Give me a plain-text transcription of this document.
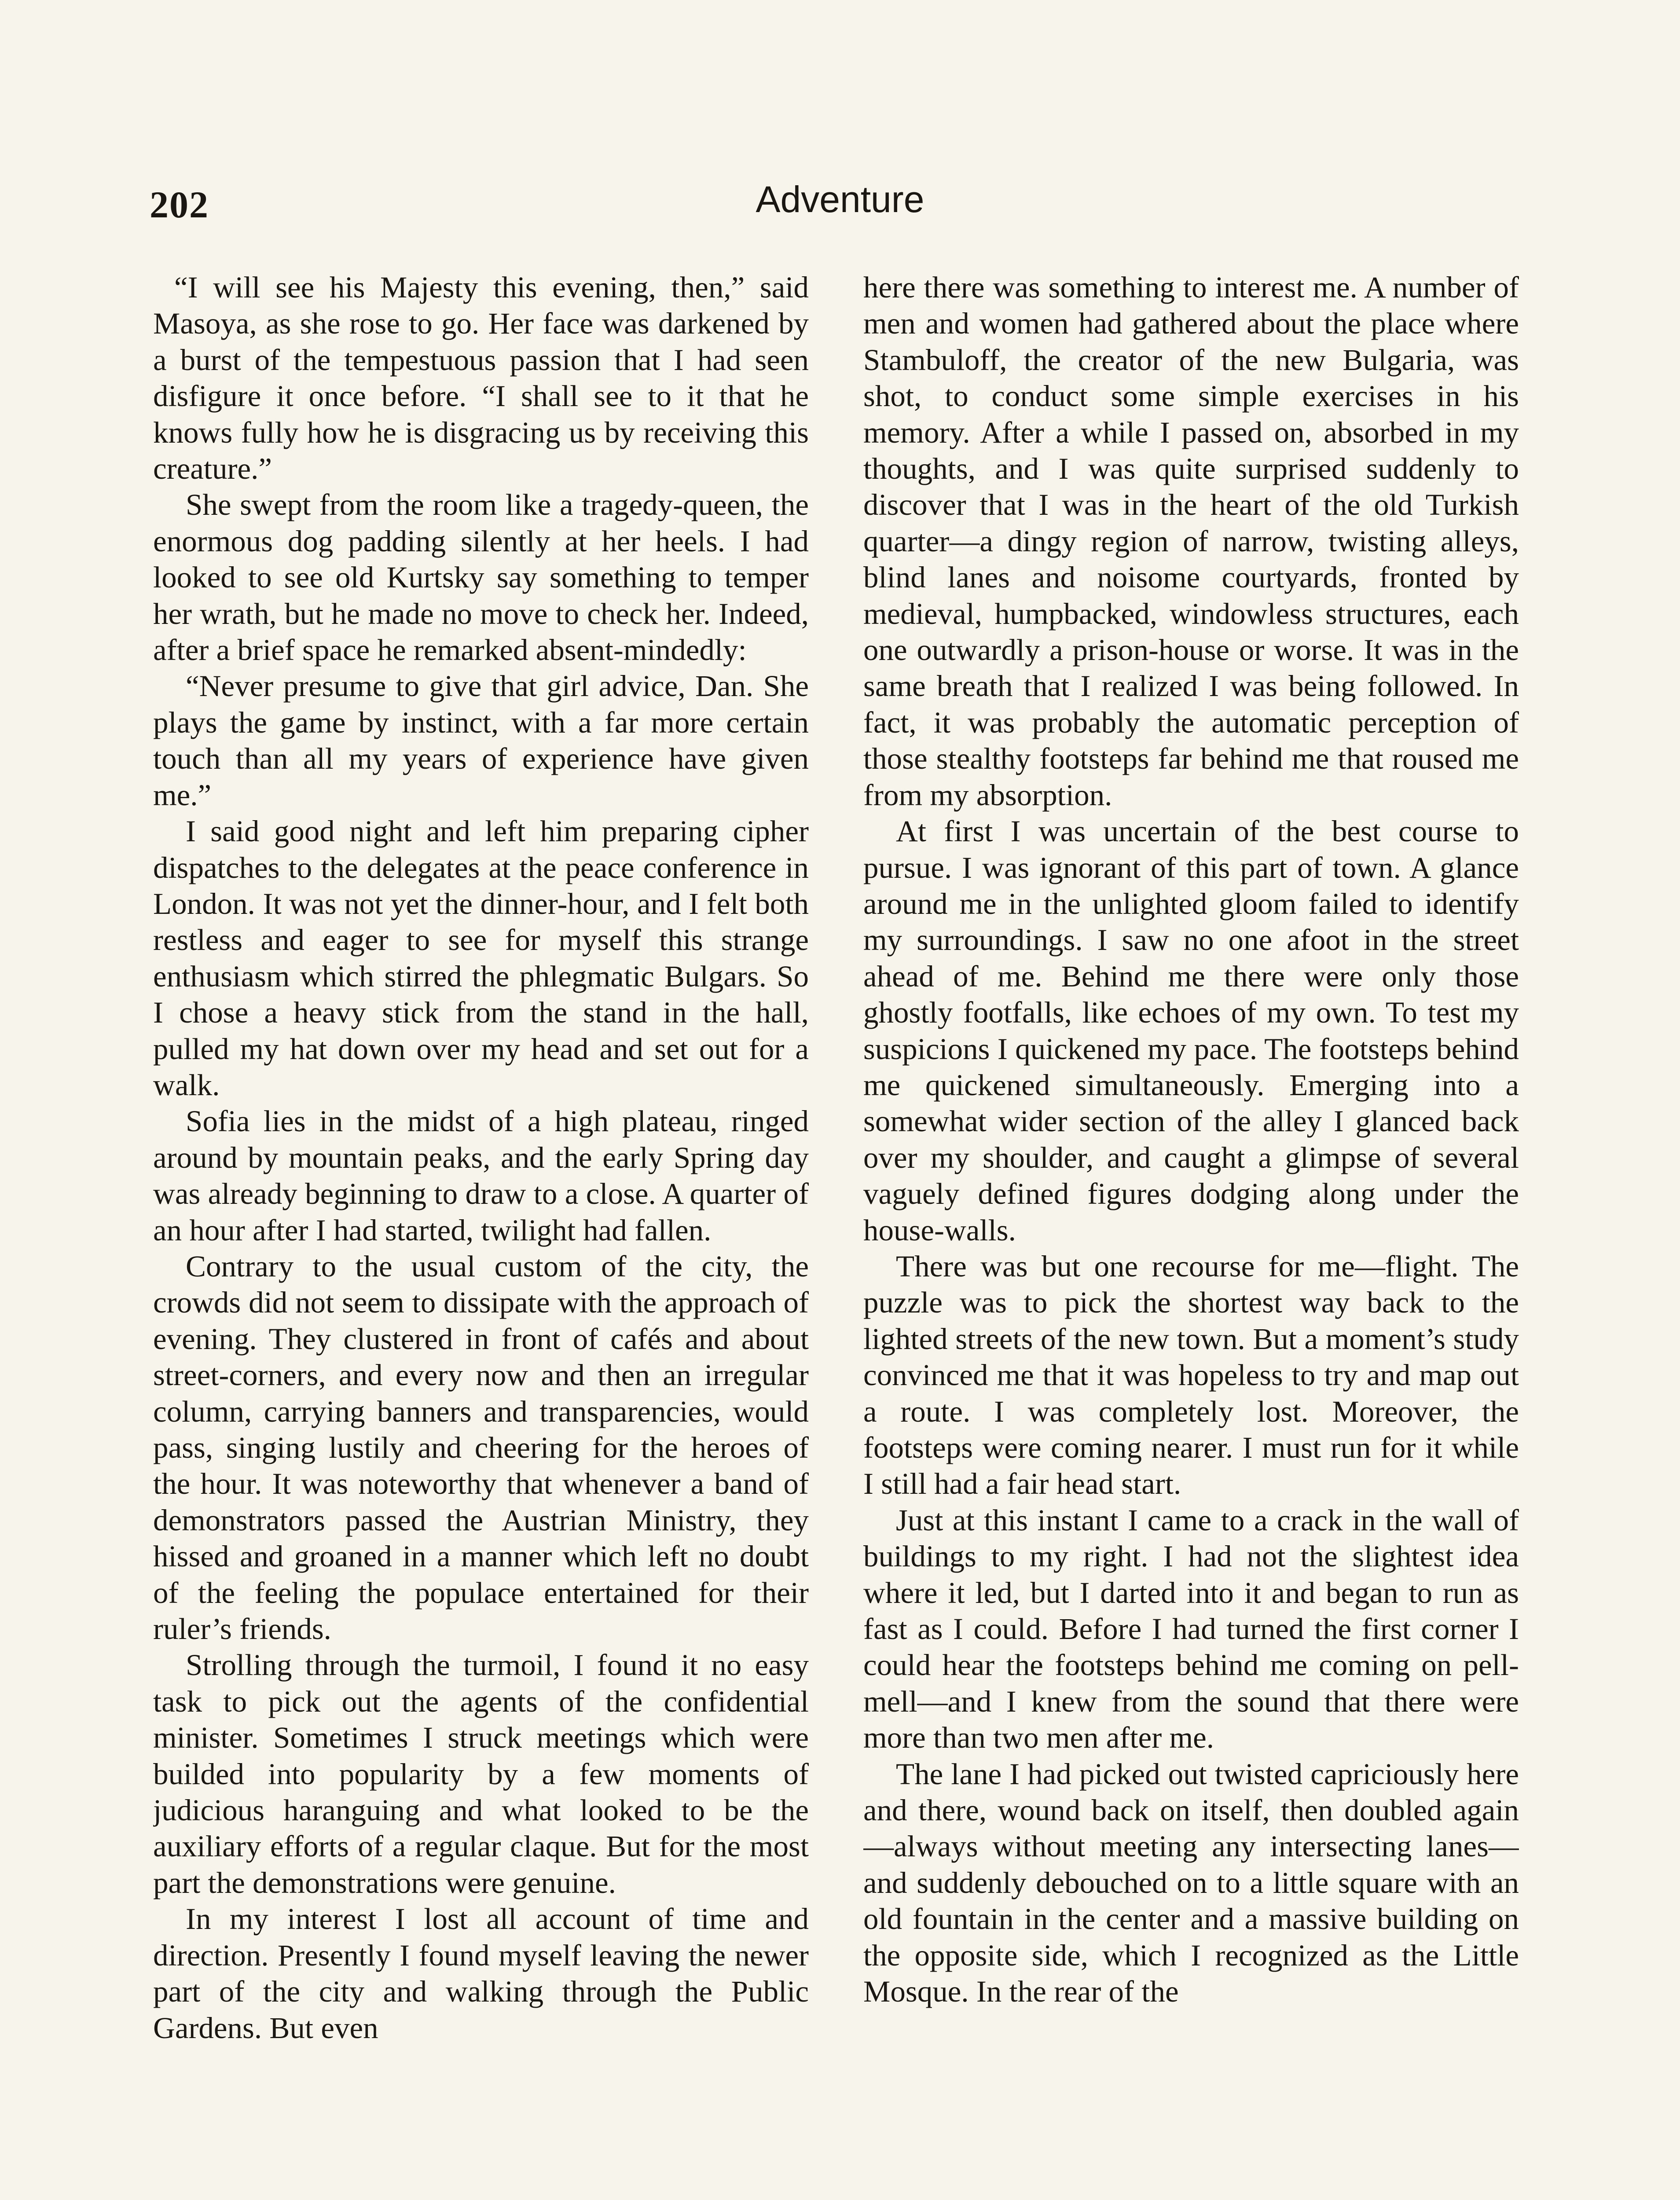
202	Adventure

“I will see his Majesty this evening, then,” said Masoya, as she rose to go. Her face was darkened by a burst of the tempestuous passion that I had seen disfigure it once before. “I shall see to it that he knows fully how he is disgracing us by receiving this creature.”

She swept from the room like a tragedy-queen, the enormous dog padding silently at her heels. I had looked to see old Kurtsky say something to temper her wrath, but he made no move to check her. Indeed, after a brief space he remarked absent-mindedly:

“Never presume to give that girl advice, Dan. She plays the game by instinct, with a far more certain touch than all my years of experience have given me.”

I said good night and left him preparing cipher dispatches to the delegates at the peace conference in London. It was not yet the dinner-hour, and I felt both restless and eager to see for myself this strange enthusiasm which stirred the phlegmatic Bulgars. So I chose a heavy stick from the stand in the hall, pulled my hat down over my head and set out for a walk.

Sofia lies in the midst of a high plateau, ringed around by mountain peaks, and the early Spring day was already beginning to draw to a close. A quarter of an hour after I had started, twilight had fallen.

Contrary to the usual custom of the city, the crowds did not seem to dissipate with the approach of evening. They clustered in front of cafés and about street-corners, and every now and then an irregular column, carrying banners and transparencies, would pass, singing lustily and cheering for the heroes of the hour. It was noteworthy that whenever a band of demonstrators passed the Austrian Ministry, they hissed and groaned in a manner which left no doubt of the feeling the populace entertained for their ruler’s friends.

Strolling through the turmoil, I found it no easy task to pick out the agents of the confidential minister. Sometimes I struck meetings which were builded into popularity by a few moments of judicious haranguing and what looked to be the auxiliary efforts of a regular claque. But for the most part the demonstrations were genuine.

In my interest I lost all account of time and direction. Presently I found myself leaving the newer part of the city and walking through the Public Gardens. But even

here there was something to interest me. A number of men and women had gathered about the place where Stambuloff, the creator of the new Bulgaria, was shot, to conduct some simple exercises in his memory. After a while I passed on, absorbed in my thoughts, and I was quite surprised suddenly to discover that I was in the heart of the old Turkish quarter—a dingy region of narrow, twisting alleys, blind lanes and noisome courtyards, fronted by medieval, humpbacked, windowless structures, each one outwardly a prison-house or worse. It was in the same breath that I realized I was being followed. In fact, it was probably the automatic perception of those stealthy footsteps far behind me that roused me from my absorption.

At first I was uncertain of the best course to pursue. I was ignorant of this part of town. A glance around me in the unlighted gloom failed to identify my surroundings. I saw no one afoot in the street ahead of me. Behind me there were only those ghostly footfalls, like echoes of my own. To test my suspicions I quickened my pace. The footsteps behind me quickened simultaneously. Emerging into a somewhat wider section of the alley I glanced back over my shoulder, and caught a glimpse of several vaguely defined figures dodging along under the house-walls.

There was but one recourse for me—flight. The puzzle was to pick the shortest way back to the lighted streets of the new town. But a moment’s study convinced me that it was hopeless to try and map out a route. I was completely lost. Moreover, the footsteps were coming nearer. I must run for it while I still had a fair head start.

Just at this instant I came to a crack in the wall of buildings to my right. I had not the slightest idea where it led, but I darted into it and began to run as fast as I could. Before I had turned the first corner I could hear the footsteps behind me coming on pell-mell—and I knew from the sound that there were more than two men after me.

The lane I had picked out twisted capriciously here and there, wound back on itself, then doubled again—always without meeting any intersecting lanes—and suddenly debouched on to a little square with an old fountain in the center and a massive building on the opposite side, which I recognized as the Little Mosque. In the rear of the
